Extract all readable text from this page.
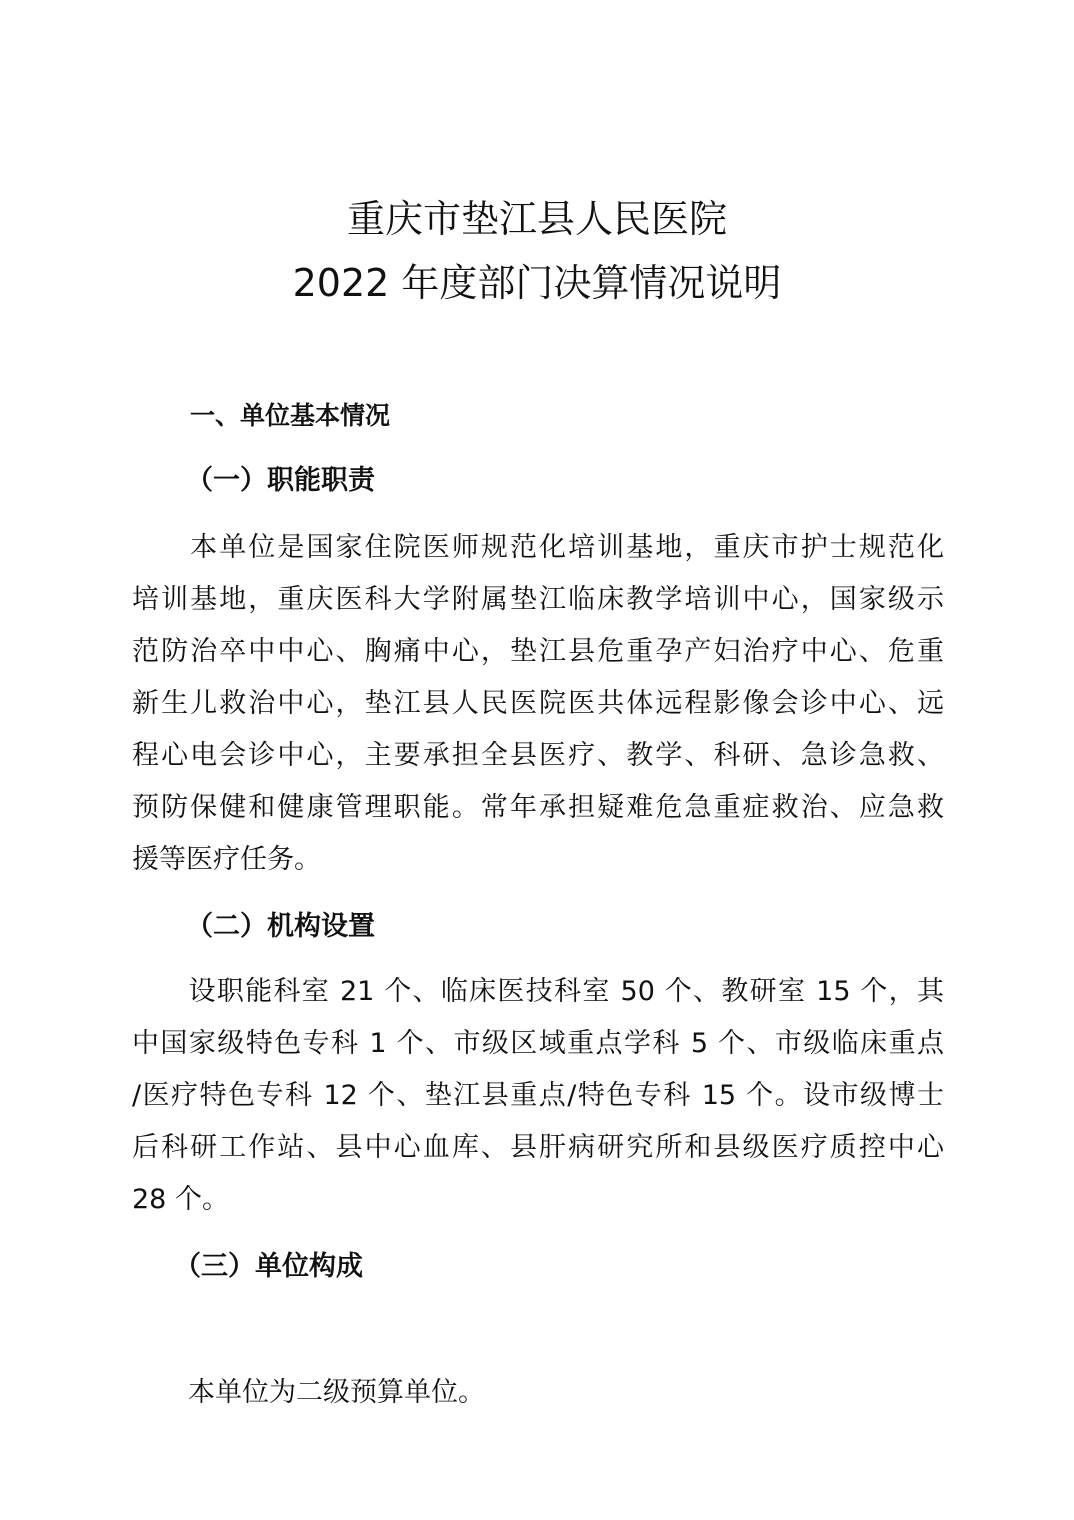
重庆市垫江县人民医院
2022 年度部门决算情况说明
一、单位基本情况
（一）职能职责
　　本单位是国家住院医师规范化培训基地，重庆市护士规范化
培训基地，重庆医科大学附属垫江临床教学培训中心，国家级示
范防治卒中中心、胸痛中心，垫江县危重孕产妇治疗中心、危重
新生儿救治中心，垫江县人民医院医共体远程影像会诊中心、远
程心电会诊中心，主要承担全县医疗、教学、科研、急诊急救、
预防保健和健康管理职能。常年承担疑难危急重症救治、应急救
援等医疗任务。
（二）机构设置
　　设职能科室 21 个、临床医技科室 50 个、教研室 15 个，其
中国家级特色专科 1 个、市级区域重点学科 5 个、市级临床重点
/医疗特色专科 12 个、垫江县重点/特色专科 15 个。设市级博士
后科研工作站、县中心血库、县肝病研究所和县级医疗质控中心
28 个。
（三）单位构成

本单位为二级预算单位。
